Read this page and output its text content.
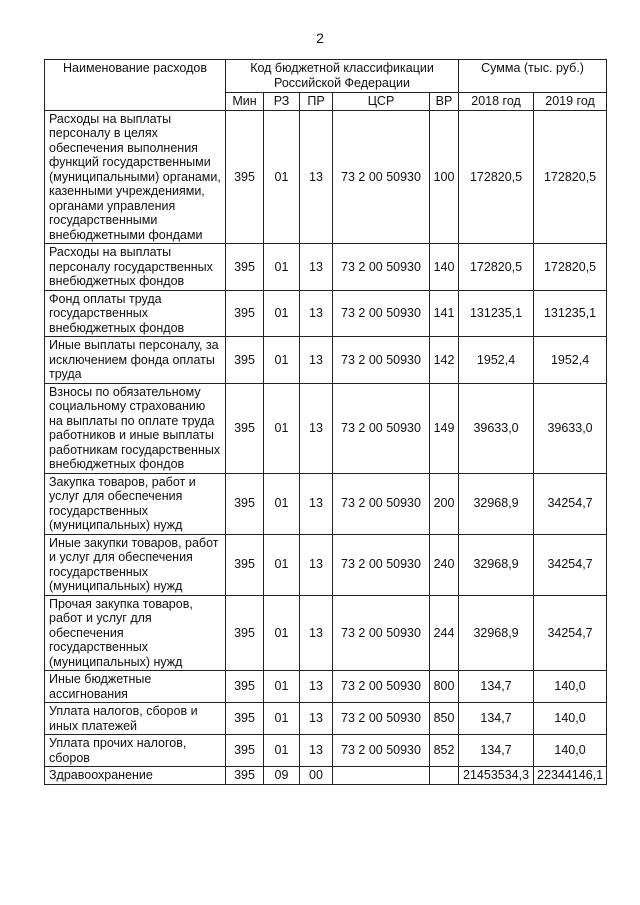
2
Наименование расходов	Код бюджетной классификации Российской Федерации					Сумма (тыс. руб.)	
	Мин	РЗ	ПР	ЦСР	ВР	2018 год	2019 год
Расходы на выплаты персоналу в целях обеспечения выполнения функций государственными (муниципальными) органами, казенными учреждениями, органами управления государственными внебюджетными фондами	395	01	13	73 2 00 50930	100	172820,5	172820,5
Расходы на выплаты персоналу государственных внебюджетных фондов	395	01	13	73 2 00 50930	140	172820,5	172820,5
Фонд оплаты труда государственных внебюджетных фондов	395	01	13	73 2 00 50930	141	131235,1	131235,1
Иные выплаты персоналу, за исключением фонда оплаты труда	395	01	13	73 2 00 50930	142	1952,4	1952,4
Взносы по обязательному социальному страхованию на выплаты по оплате труда работников и иные выплаты работникам государственных внебюджетных фондов	395	01	13	73 2 00 50930	149	39633,0	39633,0
Закупка товаров, работ и услуг для обеспечения государственных (муниципальных) нужд	395	01	13	73 2 00 50930	200	32968,9	34254,7
Иные закупки товаров, работ и услуг для обеспечения государственных (муниципальных) нужд	395	01	13	73 2 00 50930	240	32968,9	34254,7
Прочая закупка товаров, работ и услуг для обеспечения государственных (муниципальных) нужд	395	01	13	73 2 00 50930	244	32968,9	34254,7
Иные бюджетные ассигнования	395	01	13	73 2 00 50930	800	134,7	140,0
Уплата налогов, сборов и иных платежей	395	01	13	73 2 00 50930	850	134,7	140,0
Уплата прочих налогов, сборов	395	01	13	73 2 00 50930	852	134,7	140,0
Здравоохранение	395	09	00			21453534,3	22344146,1
